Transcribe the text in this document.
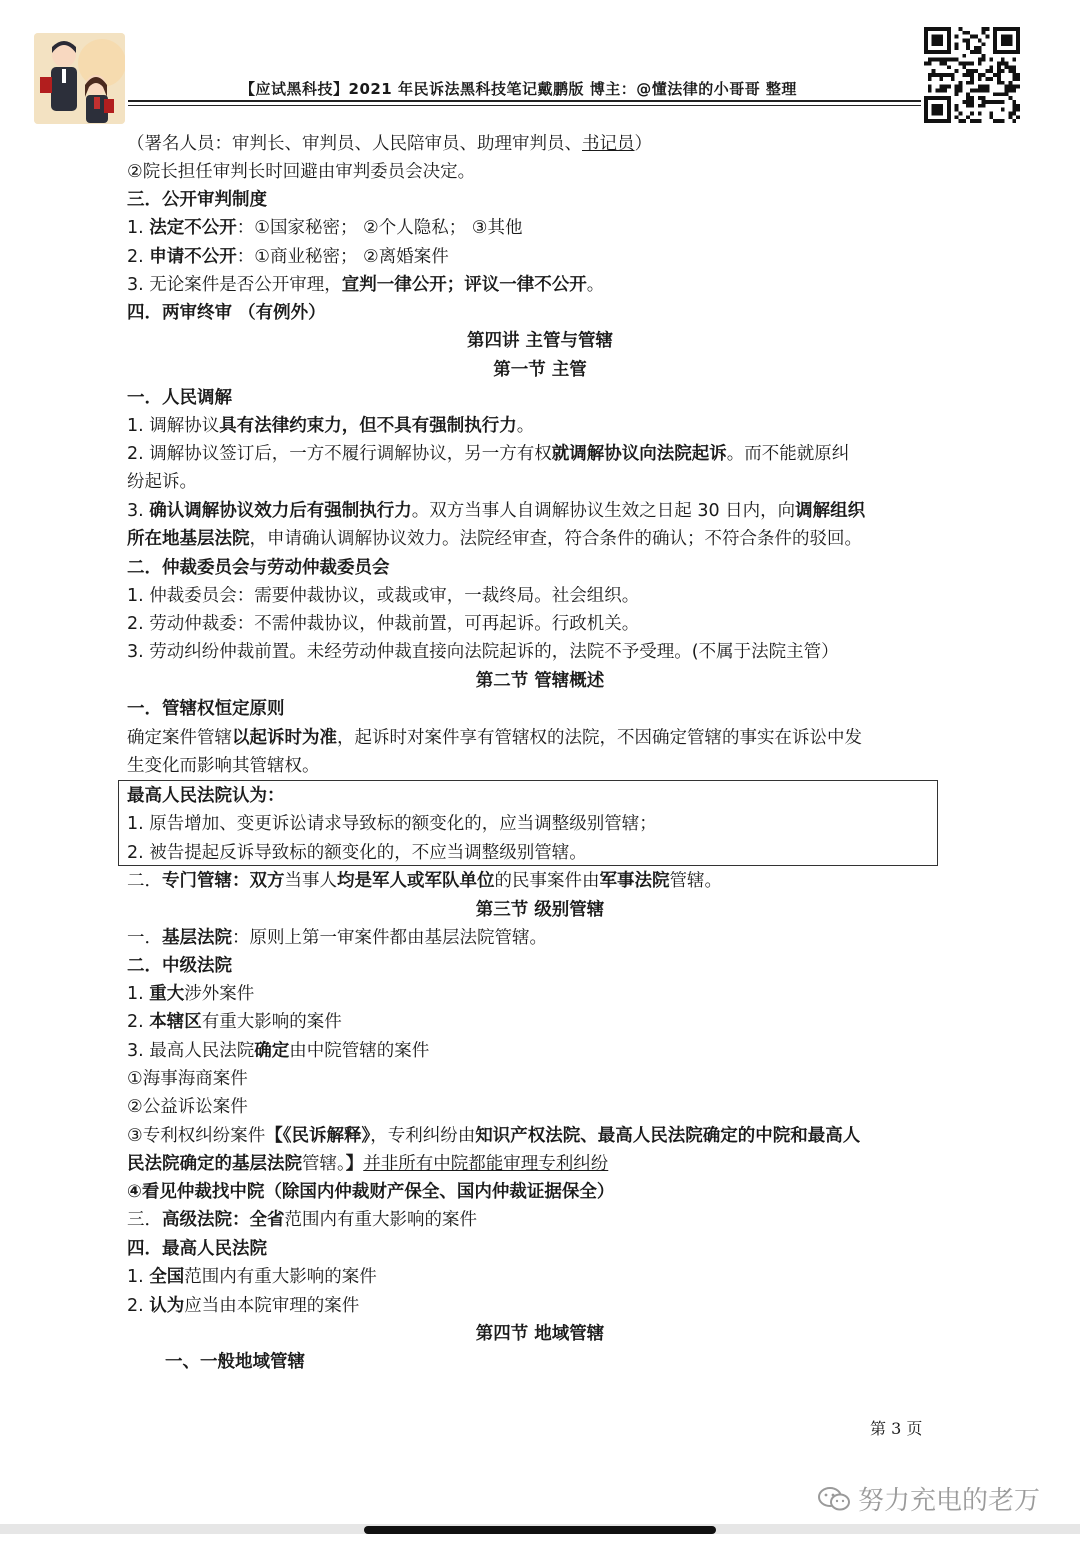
【应试黑科技】2021 年民诉法黑科技笔记戴鹏版 博主：@懂法律的小哥哥 整理
（署名人员：审判长、审判员、人民陪审员、助理审判员、书记员）
②院长担任审判长时回避由审判委员会决定。
三．公开审判制度
1. 法定不公开：①国家秘密； ②个人隐私； ③其他
2. 申请不公开：①商业秘密； ②离婚案件
3. 无论案件是否公开审理，宣判一律公开；评议一律不公开。
四．两审终审 （有例外）
第四讲 主管与管辖
第一节 主管
一．人民调解
1. 调解协议具有法律约束力，但不具有强制执行力。
2. 调解协议签订后，一方不履行调解协议，另一方有权就调解协议向法院起诉。而不能就原纠
纷起诉。
3. 确认调解协议效力后有强制执行力。双方当事人自调解协议生效之日起 30 日内，向调解组织
所在地基层法院，申请确认调解协议效力。法院经审查，符合条件的确认；不符合条件的驳回。
二．仲裁委员会与劳动仲裁委员会
1. 仲裁委员会：需要仲裁协议，或裁或审，一裁终局。社会组织。
2. 劳动仲裁委：不需仲裁协议，仲裁前置，可再起诉。行政机关。
3. 劳动纠纷仲裁前置。未经劳动仲裁直接向法院起诉的，法院不予受理。(不属于法院主管）
第二节 管辖概述
一．管辖权恒定原则
确定案件管辖以起诉时为准，起诉时对案件享有管辖权的法院，不因确定管辖的事实在诉讼中发
生变化而影响其管辖权。
最高人民法院认为：
1. 原告增加、变更诉讼请求导致标的额变化的，应当调整级别管辖；
2. 被告提起反诉导致标的额变化的，不应当调整级别管辖。
二．专门管辖：双方当事人均是军人或军队单位的民事案件由军事法院管辖。
第三节 级别管辖
一．基层法院：原则上第一审案件都由基层法院管辖。
二．中级法院
1. 重大涉外案件
2. 本辖区有重大影响的案件
3. 最高人民法院确定由中院管辖的案件
①海事海商案件
②公益诉讼案件
③专利权纠纷案件【《民诉解释》，专利纠纷由知识产权法院、最高人民法院确定的中院和最高人
民法院确定的基层法院管辖。】并非所有中院都能审理专利纠纷
④看见仲裁找中院（除国内仲裁财产保全、国内仲裁证据保全）
三．高级法院：全省范围内有重大影响的案件
四．最高人民法院
1. 全国范围内有重大影响的案件
2. 认为应当由本院审理的案件
第四节 地域管辖
一、一般地域管辖
第 3 页
努力充电的老万
